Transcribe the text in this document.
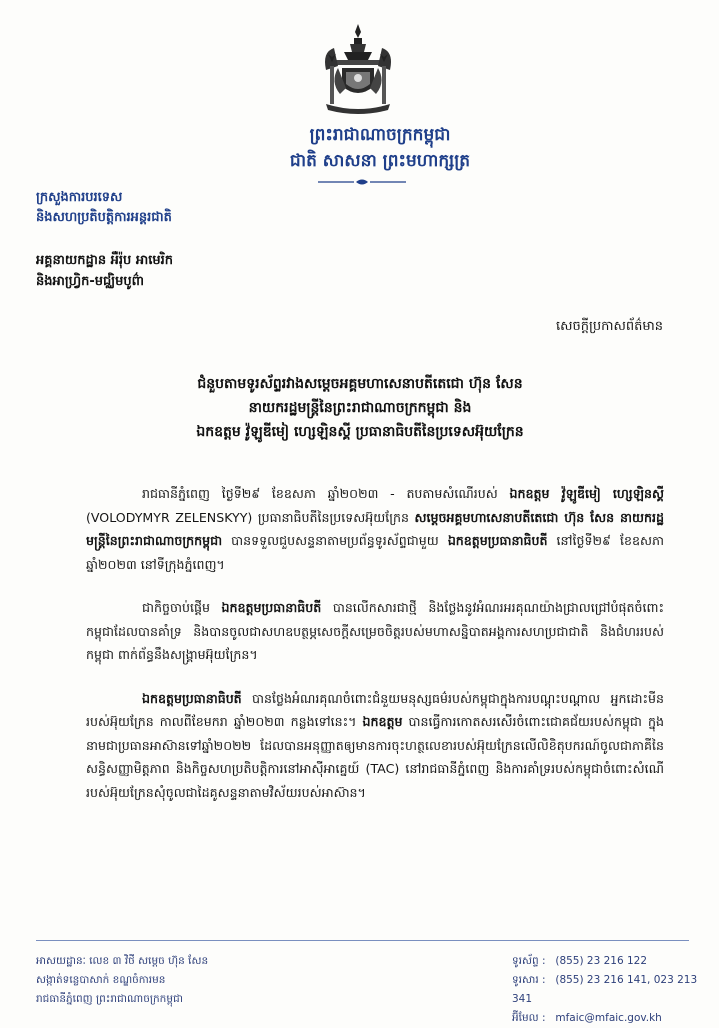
ព្រះរាជាណាចក្រកម្ពុជា
ជាតិ សាសនា ព្រះមហាក្សត្រ
ក្រសួងការបរទេស
និងសហប្រតិបត្តិការអន្តរជាតិ
អគ្គនាយកដ្ឋាន អឺរ៉ុប អាមេរិក
និងអាហ្វ្រិក-មជ្ឈិមបូព៌ា
សេចក្តីប្រកាសព័ត៌មាន
ជំនួបតាមទូរស័ព្ទរវាងសម្តេចអគ្គមហាសេនាបតីតេជោ ហ៊ុន សែន
នាយករដ្ឋមន្ត្រីនៃព្រះរាជាណាចក្រកម្ពុជា និង
ឯកឧត្តម វ៉ូឡូឌីមៀ ហ្សេឡិនស្គី ប្រធានាធិបតីនៃប្រទេសអ៊ុយក្រែន

រាជធានីភ្នំពេញ ថ្ងៃទី២៩ ខែឧសភា ឆ្នាំ២០២៣ - តបតាមសំណើរបស់ ឯកឧត្តម វ៉ូឡូឌីមៀ ហ្សេឡិនស្គី (VOLODYMYR ZELENSKYY) ប្រធានាធិបតីនៃប្រទេសអ៊ុយក្រែន សម្តេចអគ្គមហាសេនាបតីតេជោ ហ៊ុន សែន នាយករដ្ឋមន្ត្រីនៃព្រះរាជាណាចក្រកម្ពុជា បានទទួលជួបសន្ទនាតាមប្រព័ន្ធទូរស័ព្ទជាមួយ ឯកឧត្តមប្រធានាធិបតី នៅថ្ងៃទី២៩ ខែឧសភា ឆ្នាំ២០២៣ នៅទីក្រុងភ្នំពេញ។

ជាកិច្ចចាប់ផ្តើម ឯកឧត្តមប្រធានាធិបតី បានលើកសារជាថ្មី និងថ្លែងនូវអំណរអរគុណយ៉ាងជ្រាលជ្រៅបំផុតចំពោះកម្ពុជាដែលបានគាំទ្រ និងបានចូលជាសហឧបត្ថម្ភសេចក្តីសម្រេចចិត្តរបស់មហាសន្និបាតអង្គការសហប្រជាជាតិ និងជំហររបស់កម្ពុជា ពាក់ព័ន្ធនឹងសង្គ្រាមអ៊ុយក្រែន។

ឯកឧត្តមប្រធានាធិបតី បានថ្លែងអំណរគុណចំពោះជំនួយមនុស្សធម៌របស់កម្ពុជាក្នុងការបណ្តុះបណ្តាល អ្នកដោះមីនរបស់អ៊ុយក្រែន កាលពីខែមករា ឆ្នាំ២០២៣ កន្លងទៅនេះ។ ឯកឧត្តម បានធ្វើការកោតសរសើរចំពោះជោគជ័យរបស់កម្ពុជា ក្នុងនាមជាប្រធានអាស៊ានទៅឆ្នាំ២០២២ ដែលបានអនុញ្ញាតឲ្យមានការចុះហត្ថលេខារបស់អ៊ុយក្រែនលើលិខិតុបករណ៍ចូលជាភាគីនៃសន្ធិសញ្ញាមិត្តភាព និងកិច្ចសហប្រតិបត្តិការនៅអាស៊ីអាគ្នេយ៍ (TAC) នៅរាជធានីភ្នំពេញ និងការគាំទ្ររបស់កម្ពុជាចំពោះសំណើរបស់អ៊ុយក្រែនសុំចូលជាដៃគូសន្ទនាតាមវិស័យរបស់អាស៊ាន។

អាសយដ្ឋានៈ លេខ ៣ វិថី សម្តេច ហ៊ុន សែន
សង្កាត់ទន្លេបាសាក់ ខណ្ឌចំការមន
រាជធានីភ្នំពេញ ព្រះរាជាណាចក្រកម្ពុជា
ទូរស័ព្ទ : (855) 23 216 122
ទូរសារ : (855) 23 216 141, 023 213 341
អ៊ីមែល : mfaic@mfaic.gov.kh
